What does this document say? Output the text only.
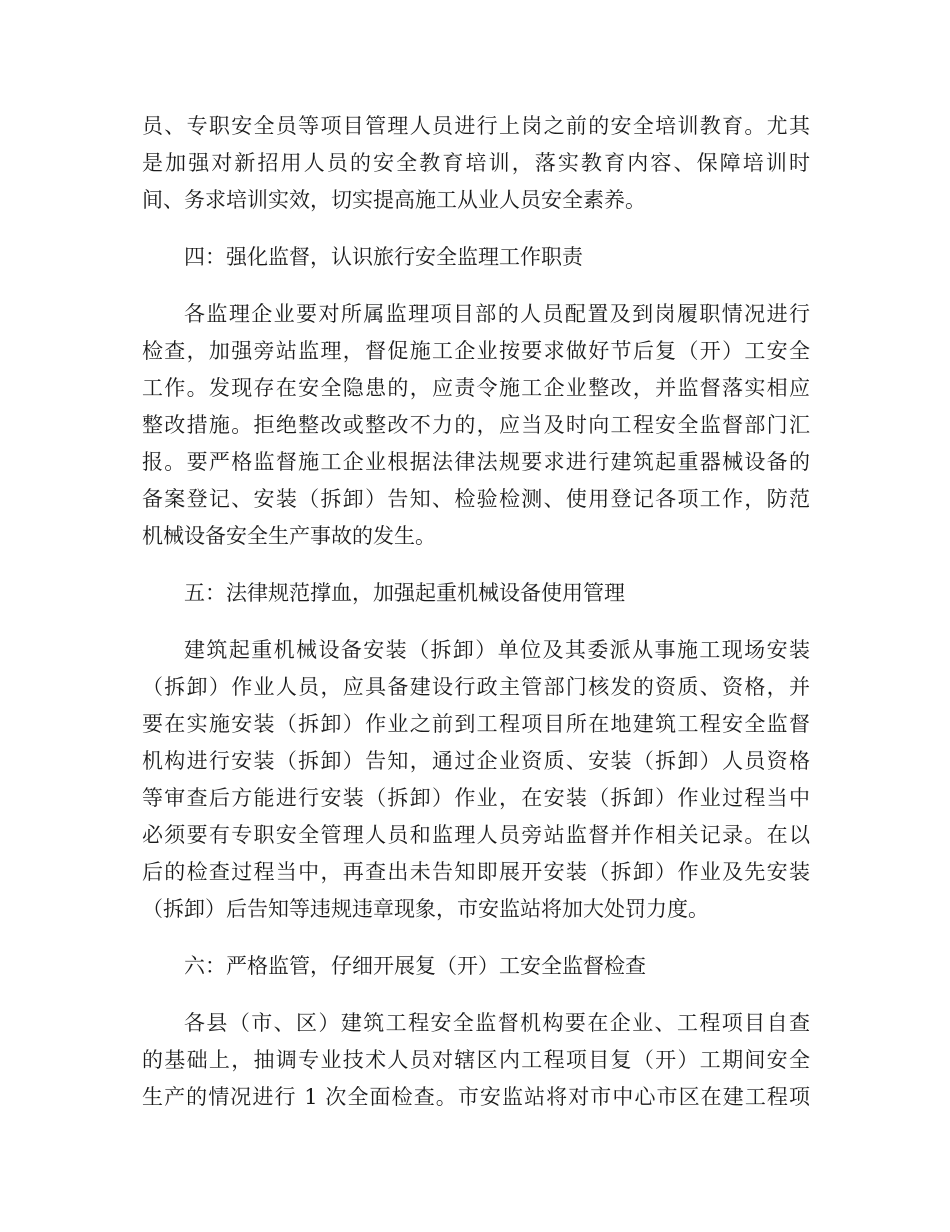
员、专职安全员等项目管理人员进行上岗之前的安全培训教育。尤其
是加强对新招用人员的安全教育培训，落实教育内容、保障培训时
间、务求培训实效，切实提高施工从业人员安全素养。
四：强化监督，认识旅行安全监理工作职责
各监理企业要对所属监理项目部的人员配置及到岗履职情况进行
检查，加强旁站监理，督促施工企业按要求做好节后复（开）工安全
工作。发现存在安全隐患的，应责令施工企业整改，并监督落实相应
整改措施。拒绝整改或整改不力的，应当及时向工程安全监督部门汇
报。要严格监督施工企业根据法律法规要求进行建筑起重器械设备的
备案登记、安装（拆卸）告知、检验检测、使用登记各项工作，防范
机械设备安全生产事故的发生。
五：法律规范撑血，加强起重机械设备使用管理
建筑起重机械设备安装（拆卸）单位及其委派从事施工现场安装
（拆卸）作业人员，应具备建设行政主管部门核发的资质、资格，并
要在实施安装（拆卸）作业之前到工程项目所在地建筑工程安全监督
机构进行安装（拆卸）告知，通过企业资质、安装（拆卸）人员资格
等审查后方能进行安装（拆卸）作业，在安装（拆卸）作业过程当中
必须要有专职安全管理人员和监理人员旁站监督并作相关记录。在以
后的检查过程当中，再查出未告知即展开安装（拆卸）作业及先安装
（拆卸）后告知等违规违章现象，市安监站将加大处罚力度。
六：严格监管，仔细开展复（开）工安全监督检查
各县（市、区）建筑工程安全监督机构要在企业、工程项目自查
的基础上，抽调专业技术人员对辖区内工程项目复（开）工期间安全
生产的情况进行 1 次全面检查。市安监站将对市中心市区在建工程项
